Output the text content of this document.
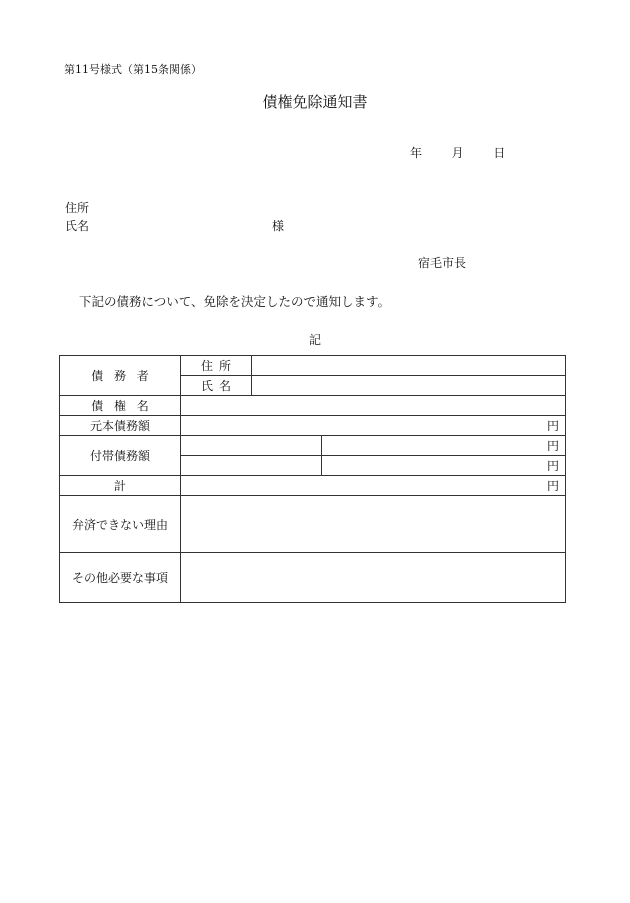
第11号様式（第15条関係）
債権免除通知書
年 月 日
住所
氏名	様
宿毛市長
下記の債務について、免除を決定したので通知します。
記
債務者	住所		
	氏名		
債権名			
元本債務額	円		
付帯債務額			円
			円
計	円		
弁済できない理由			
その他必要な事項			
